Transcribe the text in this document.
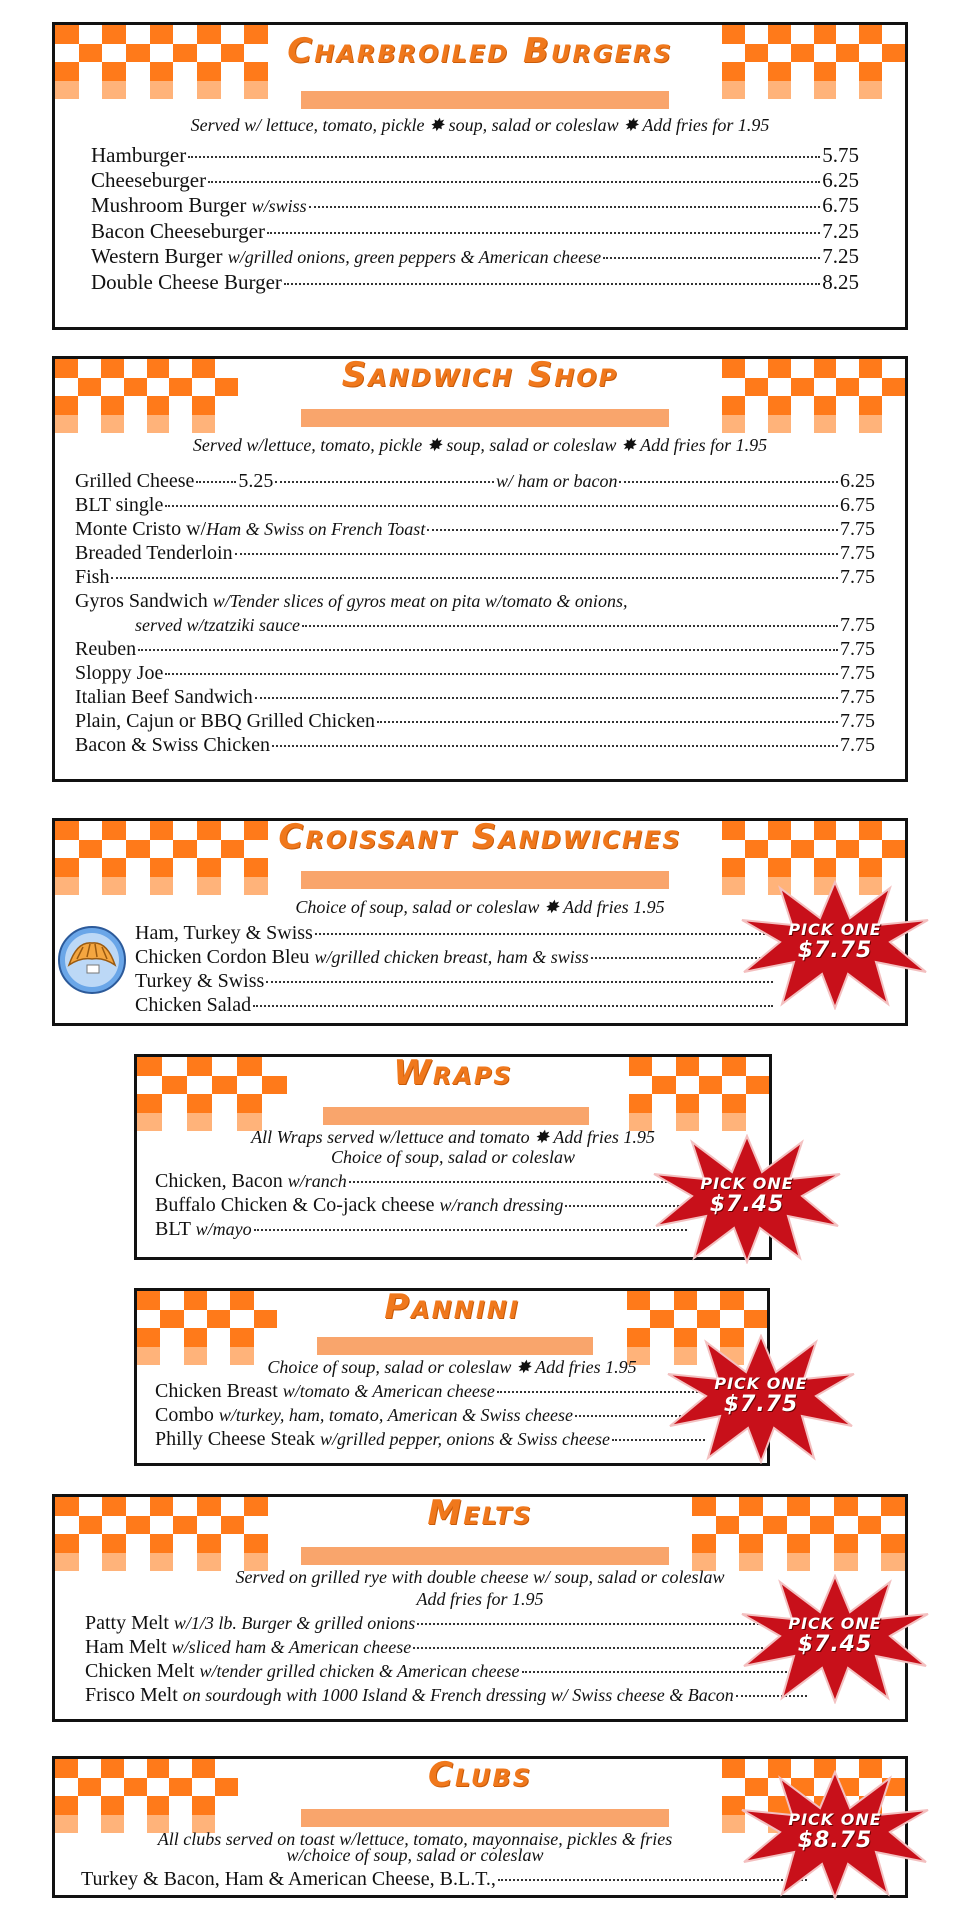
Charbroiled Burgers
Served w/ lettuce, tomato, pickle ✸ soup, salad or coleslaw ✸ Add fries for 1.95
Hamburger	5.75
Cheeseburger	6.25
Mushroom Burger w/swiss	6.75
Bacon Cheeseburger	7.25
Western Burger w/grilled onions, green peppers & American cheese	7.25
Double Cheese Burger	8.25
Sandwich Shop
Served w/lettuce, tomato, pickle ✸ soup, salad or coleslaw ✸ Add fries for 1.95
Grilled Cheese 5.25	w/ ham or bacon	6.25
BLT single	6.75
Monte Cristo w/Ham & Swiss on French Toast	7.75
Breaded Tenderloin	7.75
Fish	7.75
Gyros Sandwich w/Tender slices of gyros meat on pita w/tomato & onions,
served w/tzatziki sauce	7.75
Reuben	7.75
Sloppy Joe	7.75
Italian Beef Sandwich	7.75
Plain, Cajun or BBQ Grilled Chicken	7.75
Bacon & Swiss Chicken	7.75
Croissant Sandwiches
Choice of soup, salad or coleslaw ✸ Add fries 1.95
Ham, Turkey & Swiss
Chicken Cordon Bleu w/grilled chicken breast, ham & swiss
Turkey & Swiss
Chicken Salad
Wraps
All Wraps served w/lettuce and tomato ✸ Add fries 1.95
Choice of soup, salad or coleslaw
Chicken, Bacon w/ranch
Buffalo Chicken & Co-jack cheese w/ranch dressing
BLT w/mayo
Pannini
Choice of soup, salad or coleslaw ✸ Add fries 1.95
Chicken Breast w/tomato & American cheese
Combo w/turkey, ham, tomato, American & Swiss cheese
Philly Cheese Steak w/grilled pepper, onions & Swiss cheese
Melts
Served on grilled rye with double cheese w/ soup, salad or coleslaw
Add fries for 1.95
Patty Melt w/1/3 lb. Burger & grilled onions
Ham Melt w/sliced ham & American cheese
Chicken Melt w/tender grilled chicken & American cheese
Frisco Melt on sourdough with 1000 Island & French dressing w/ Swiss cheese & Bacon
Clubs
All clubs served on toast w/lettuce, tomato, mayonnaise, pickles & fries
w/choice of soup, salad or coleslaw
Turkey & Bacon, Ham & American Cheese, B.L.T.,
PICK ONE
$7.75
PICK ONE
$7.45
PICK ONE
$7.75
PICK ONE
$7.45
PICK ONE
$8.75
